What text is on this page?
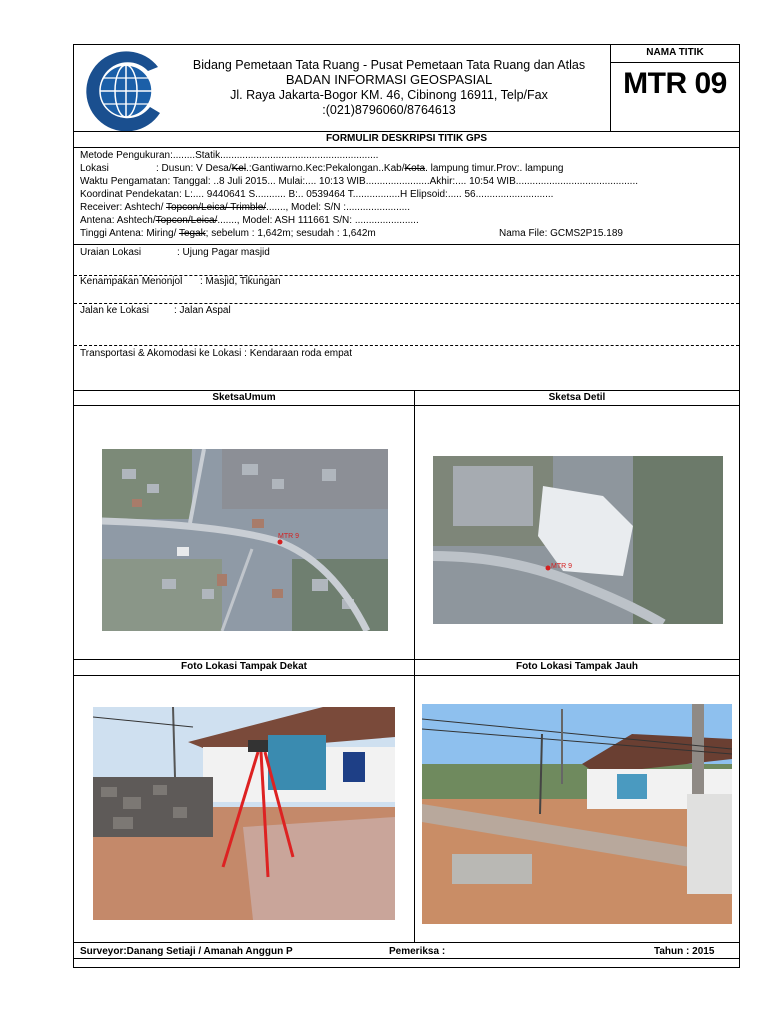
Bidang Pemetaan Tata Ruang - Pusat Pemetaan Tata Ruang dan Atlas
BADAN INFORMASI GEOSPASIAL
Jl. Raya Jakarta-Bogor KM. 46, Cibinong 16911, Telp/Fax
:(021)8796060/8764613
NAMA TITIK
MTR 09
FORMULIR DESKRIPSI TITIK GPS
Metode Pengukuran:........Statik.........................................................
Lokasi	: Dusun: V Desa/Kel.:Gantiwarno.Kec:Pekalongan..Kab/Kota. lampung timur.Prov:. lampung
Waktu Pengamatan: Tanggal: ..8 Juli 2015... Mulai:.... 10:13 WIB.......................Akhir:.... 10:54 WIB............................................
Koordinat Pendekatan: L:.... 9440641 S........... B:.. 0539464 T.................H Elipsoid:..... 56............................
Receiver: Ashtech/ Topcon/Leica/ Trimble/......., Model: S/N :.......................
Antena: Ashtech/Topcon/Leica/......., Model: ASH 111661 S/N: .......................
Tinggi Antena: Miring/ Tegak; sebelum : 1,642m; sesudah : 1,642m	Nama File: GCMS2P15.189
Uraian Lokasi	: Ujung Pagar masjid
Kenampakan Menonjol : Masjid, Tikungan
Jalan ke Lokasi	: Jalan Aspal
Transportasi & Akomodasi ke Lokasi : Kendaraan roda empat
SketsaUmum	Sketsa Detil
MTR 9
MTR 9
Foto Lokasi Tampak Dekat	Foto Lokasi Tampak Jauh
Surveyor:Danang Setiaji / Amanah Anggun P	Pemeriksa :	Tahun : 2015
